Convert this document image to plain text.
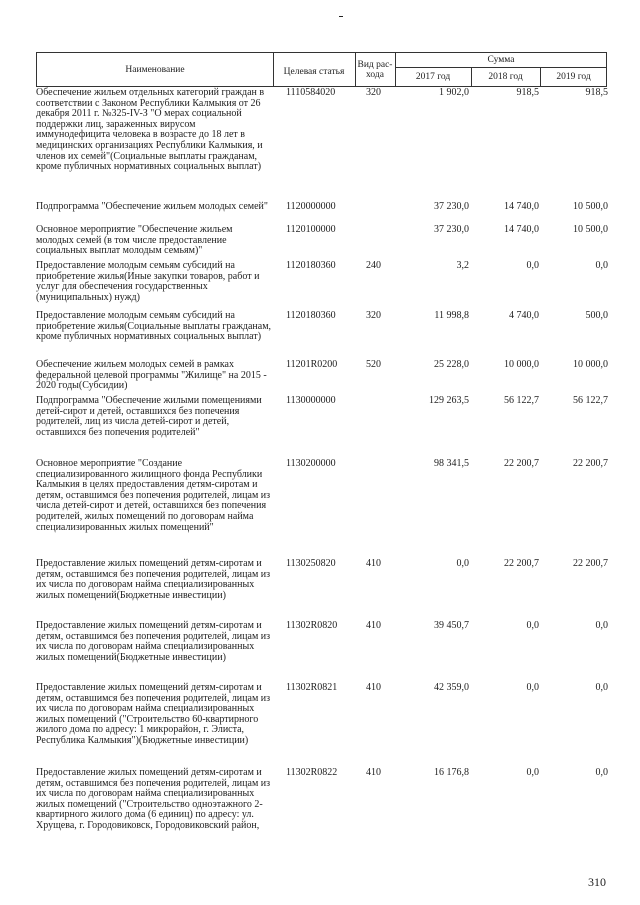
Наименование	Целевая статья
Вид рас-хода
Сумма
2017 год	2018 год	2019 год
Обеспечение жильем отдельных категорий граждан в соответствии с Законом Республики Калмыкия от 26 декабря 2011 г. №325-IV-З "О мерах социальной поддержки лиц, зараженных вирусом иммунодефицита человека в возрасте до 18 лет в медицинских организациях Республики Калмыкия, и членов их семей"(Социальные выплаты гражданам, кроме публичных нормативных социальных выплат)
1110584020	320	1 902,0	918,5	918,5
Подпрограмма "Обеспечение жильем молодых семей"	1120000000	37 230,0	14 740,0	10 500,0
Основное мероприятие "Обеспечение жильем молодых семей (в том числе предоставление социальных выплат молодым семьям)"
1120100000	37 230,0	14 740,0	10 500,0
Предоставление молодым семьям субсидий на приобретение жилья(Иные закупки товаров, работ и услуг для обеспечения государственных (муниципальных) нужд)
1120180360	240	3,2	0,0	0,0
Предоставление молодым семьям субсидий на приобретение жилья(Социальные выплаты гражданам, кроме публичных нормативных социальных выплат)
1120180360	320	11 998,8	4 740,0	500,0
Обеспечение жильем молодых семей в рамках федеральной целевой программы "Жилище" на 2015 - 2020 годы(Субсидии)
11201R0200	520	25 228,0	10 000,0	10 000,0
Подпрограмма "Обеспечение жилыми помещениями детей-сирот и детей, оставшихся без попечения родителей, лиц из числа детей-сирот и детей, оставшихся без попечения родителей"
1130000000	129 263,5	56 122,7	56 122,7
Основное мероприятие "Создание специализированного жилищного фонда Республики Калмыкия в целях предоставления детям-сиротам и детям, оставшимся без попечения родителей, лицам из числа детей-сирот и детей, оставшихся без попечения родителей, жилых помещений по договорам найма специализированных жилых помещений"
1130200000	98 341,5	22 200,7	22 200,7
Предоставление жилых помещений детям-сиротам и детям, оставшимся без попечения родителей, лицам из их числа по договорам найма специализированных жилых помещений(Бюджетные инвестиции)
1130250820	410	0,0	22 200,7	22 200,7
Предоставление жилых помещений детям-сиротам и детям, оставшимся без попечения родителей, лицам из их числа по договорам найма специализированных жилых помещений(Бюджетные инвестиции)
11302R0820	410	39 450,7	0,0	0,0
Предоставление жилых помещений детям-сиротам и детям, оставшимся без попечения родителей, лицам из их числа по договорам найма специализированных жилых помещений ("Строительство 60-квартирного жилого дома по адресу: 1 микрорайон, г. Элиста, Республика Калмыкия")(Бюджетные инвестиции)
11302R0821	410	42 359,0	0,0	0,0
Предоставление жилых помещений детям-сиротам и детям, оставшимся без попечения родителей, лицам из их числа по договорам найма специализированных жилых помещений ("Строительство одноэтажного 2-квартирного жилого дома (6 единиц) по адресу: ул. Хрущева, г. Городовиковск, Городовиковский район,
11302R0822	410	16 176,8	0,0	0,0
310
